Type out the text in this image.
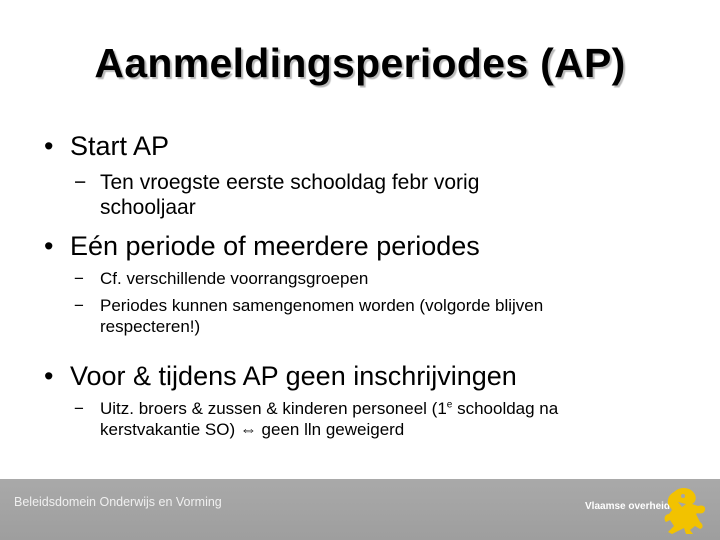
Aanmeldingsperiodes (AP)
• Start AP
− Ten vroegste eerste schooldag febr vorig
schooljaar
• Eén periode of meerdere periodes
− Cf. verschillende voorrangsgroepen
− Periodes kunnen samengenomen worden (volgorde blijven
respecteren!)
• Voor & tijdens AP geen inschrijvingen
− Uitz. broers & zussen & kinderen personeel (1e schooldag na
kerstvakantie SO) ⇔ geen lln geweigerd
Beleidsdomein Onderwijs en Vorming	Vlaamse overheid
